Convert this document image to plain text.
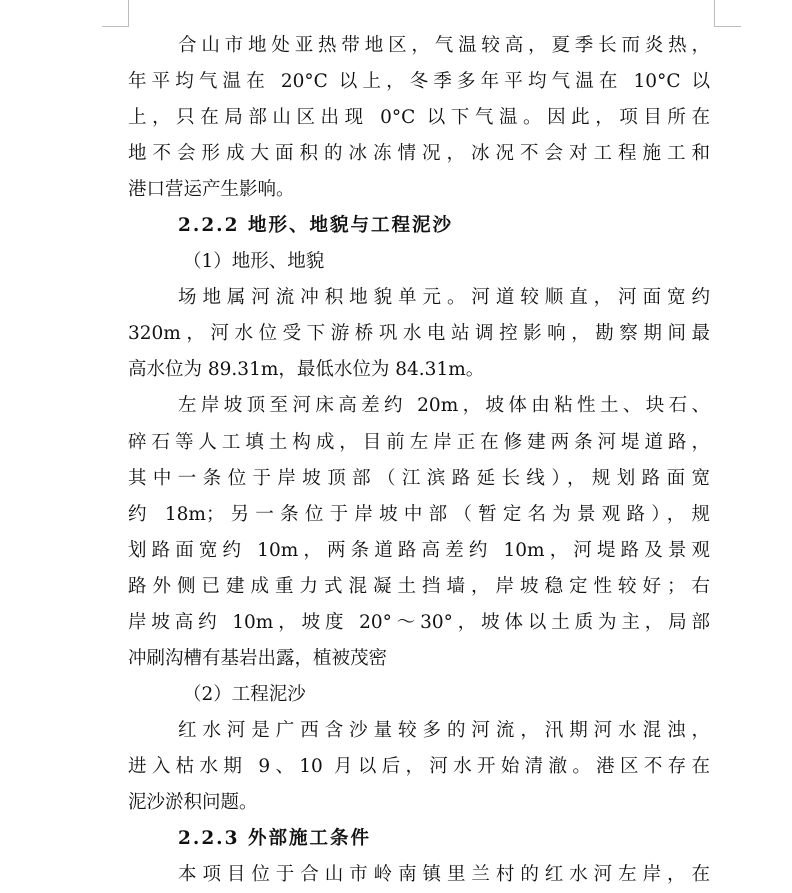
合山市地处亚热带地区，气温较高，夏季长而炎热，
年平均气温在 20°C 以上，冬季多年平均气温在 10°C 以
上，只在局部山区出现 0°C 以下气温。因此，项目所在
地不会形成大面积的冰冻情况，冰况不会对工程施工和
港口营运产生影响。
2.2.2 地形、地貌与工程泥沙
（1）地形、地貌
场地属河流冲积地貌单元。河道较顺直，河面宽约
320m，河水位受下游桥巩水电站调控影响，勘察期间最
高水位为 89.31m，最低水位为 84.31m。
左岸坡顶至河床高差约 20m，坡体由粘性土、块石、
碎石等人工填土构成，目前左岸正在修建两条河堤道路，
其中一条位于岸坡顶部（江滨路延长线），规划路面宽
约 18m；另一条位于岸坡中部（暂定名为景观路），规
划路面宽约 10m，两条道路高差约 10m，河堤路及景观
路外侧已建成重力式混凝土挡墙，岸坡稳定性较好；右
岸坡高约 10m，坡度 20°～30°，坡体以土质为主，局部
冲刷沟槽有基岩出露，植被茂密
（2）工程泥沙
红水河是广西含沙量较多的河流，汛期河水混浊，
进入枯水期 9、10 月以后，河水开始清澈。港区不存在
泥沙淤积问题。
2.2.3 外部施工条件
本项目位于合山市岭南镇里兰村的红水河左岸，在
